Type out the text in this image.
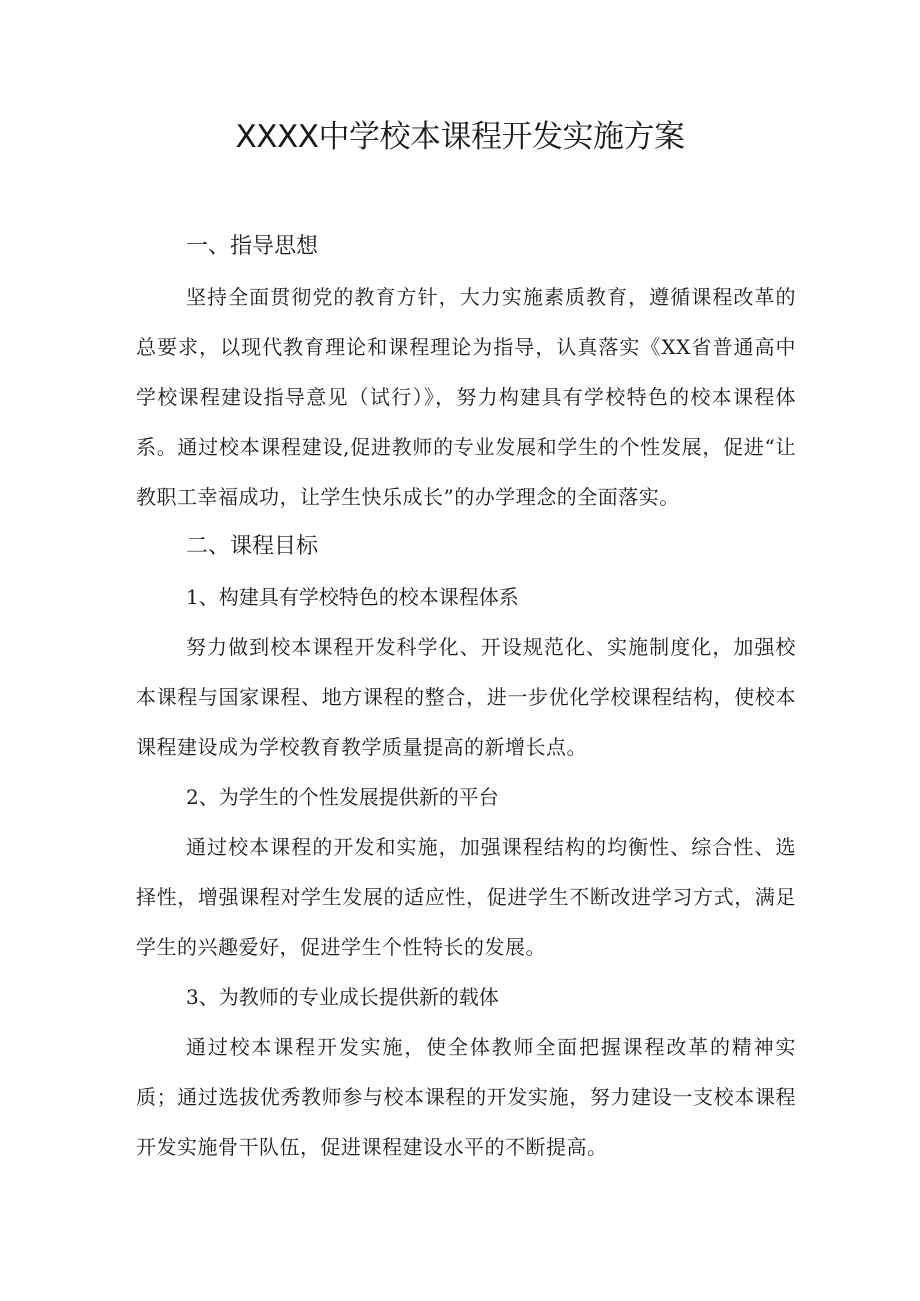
XXXX中学校本课程开发实施方案
一、指导思想

坚持全面贯彻党的教育方针，大力实施素质教育，遵循课程改革的总要求，以现代教育理论和课程理论为指导，认真落实《XX省普通高中学校课程建设指导意见（试行）》，努力构建具有学校特色的校本课程体系。通过校本课程建设,促进教师的专业发展和学生的个性发展，促进“让教职工幸福成功，让学生快乐成长”的办学理念的全面落实。

二、课程目标
1、构建具有学校特色的校本课程体系

努力做到校本课程开发科学化、开设规范化、实施制度化，加强校本课程与国家课程、地方课程的整合，进一步优化学校课程结构，使校本课程建设成为学校教育教学质量提高的新增长点。

2、为学生的个性发展提供新的平台

通过校本课程的开发和实施，加强课程结构的均衡性、综合性、选择性，增强课程对学生发展的适应性，促进学生不断改进学习方式，满足学生的兴趣爱好，促进学生个性特长的发展。

3、为教师的专业成长提供新的载体

通过校本课程开发实施，使全体教师全面把握课程改革的精神实质；通过选拔优秀教师参与校本课程的开发实施，努力建设一支校本课程开发实施骨干队伍，促进课程建设水平的不断提高。
